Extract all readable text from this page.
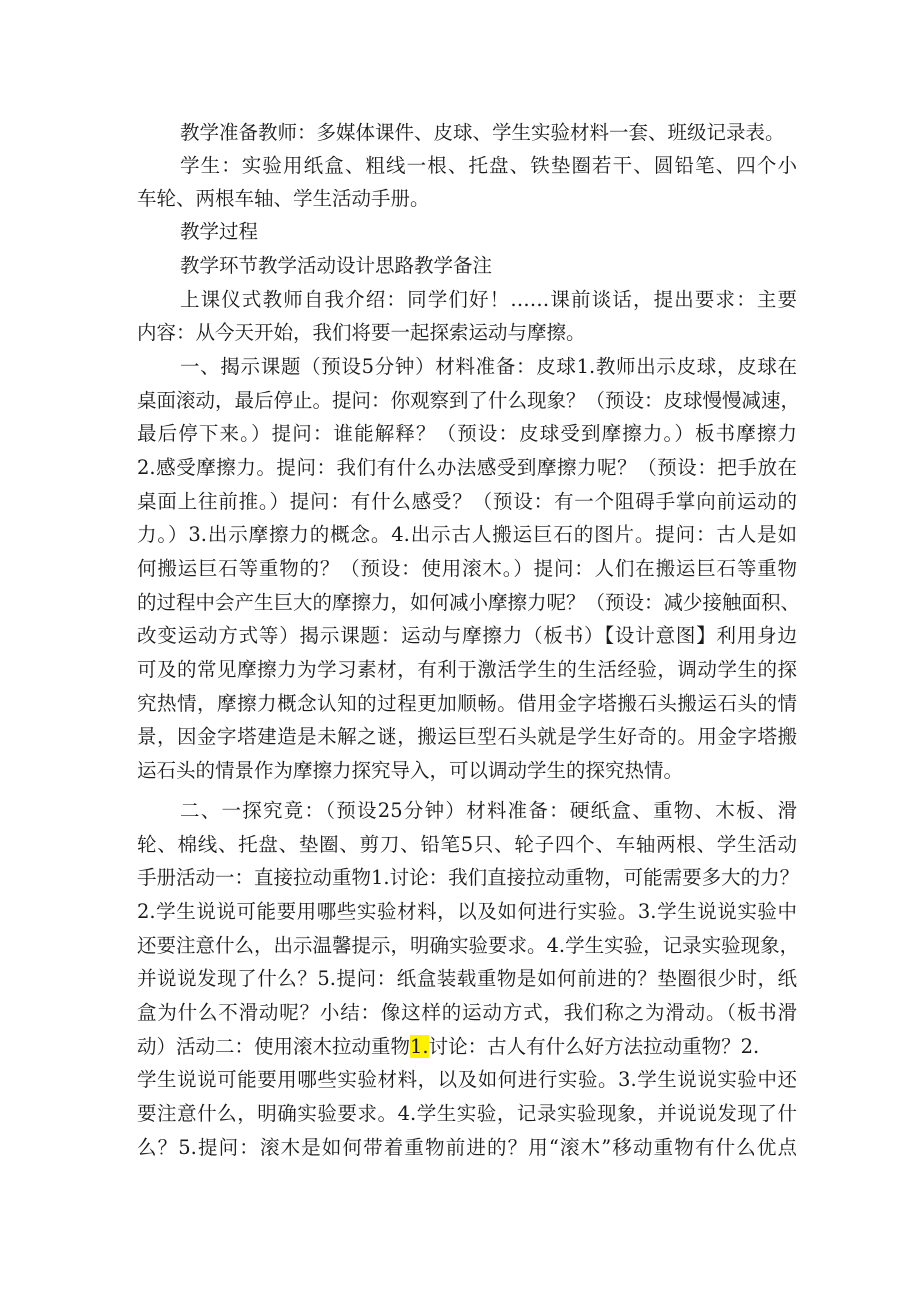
教学准备教师：多媒体课件、皮球、学生实验材料一套、班级记录表。
学生：实验用纸盒、粗线一根、托盘、铁垫圈若干、圆铅笔、四个小
车轮、两根车轴、学生活动手册。
教学过程
教学环节教学活动设计思路教学备注
上课仪式教师自我介绍：同学们好！……课前谈话，提出要求：主要
内容：从今天开始，我们将要一起探索运动与摩擦。
一、揭示课题（预设5分钟）材料准备：皮球1.教师出示皮球，皮球在
桌面滚动，最后停止。提问：你观察到了什么现象？（预设：皮球慢慢减速，
最后停下来。）提问：谁能解释？（预设：皮球受到摩擦力。）板书摩擦力
2.感受摩擦力。提问：我们有什么办法感受到摩擦力呢？（预设：把手放在
桌面上往前推。）提问：有什么感受？（预设：有一个阻碍手掌向前运动的
力。）3.出示摩擦力的概念。4.出示古人搬运巨石的图片。提问：古人是如
何搬运巨石等重物的？（预设：使用滚木。）提问：人们在搬运巨石等重物
的过程中会产生巨大的摩擦力，如何减小摩擦力呢？（预设：减少接触面积、
改变运动方式等）揭示课题：运动与摩擦力（板书）【设计意图】利用身边
可及的常见摩擦力为学习素材，有利于激活学生的生活经验，调动学生的探
究热情，摩擦力概念认知的过程更加顺畅。借用金字塔搬石头搬运石头的情
景，因金字塔建造是未解之谜，搬运巨型石头就是学生好奇的。用金字塔搬
运石头的情景作为摩擦力探究导入，可以调动学生的探究热情。
二、一探究竟：（预设25分钟）材料准备：硬纸盒、重物、木板、滑
轮、棉线、托盘、垫圈、剪刀、铅笔5只、轮子四个、车轴两根、学生活动
手册活动一：直接拉动重物1.讨论：我们直接拉动重物，可能需要多大的力？
2.学生说说可能要用哪些实验材料，以及如何进行实验。3.学生说说实验中
还要注意什么，出示温馨提示，明确实验要求。4.学生实验，记录实验现象，
并说说发现了什么？5.提问：纸盒装载重物是如何前进的？垫圈很少时，纸
盒为什么不滑动呢？小结：像这样的运动方式，我们称之为滑动。（板书滑
动）活动二：使用滚木拉动重物1.讨论：古人有什么好方法拉动重物？2.
学生说说可能要用哪些实验材料，以及如何进行实验。3.学生说说实验中还
要注意什么，明确实验要求。4.学生实验，记录实验现象，并说说发现了什
么？5.提问：滚木是如何带着重物前进的？用“滚木”移动重物有什么优点
